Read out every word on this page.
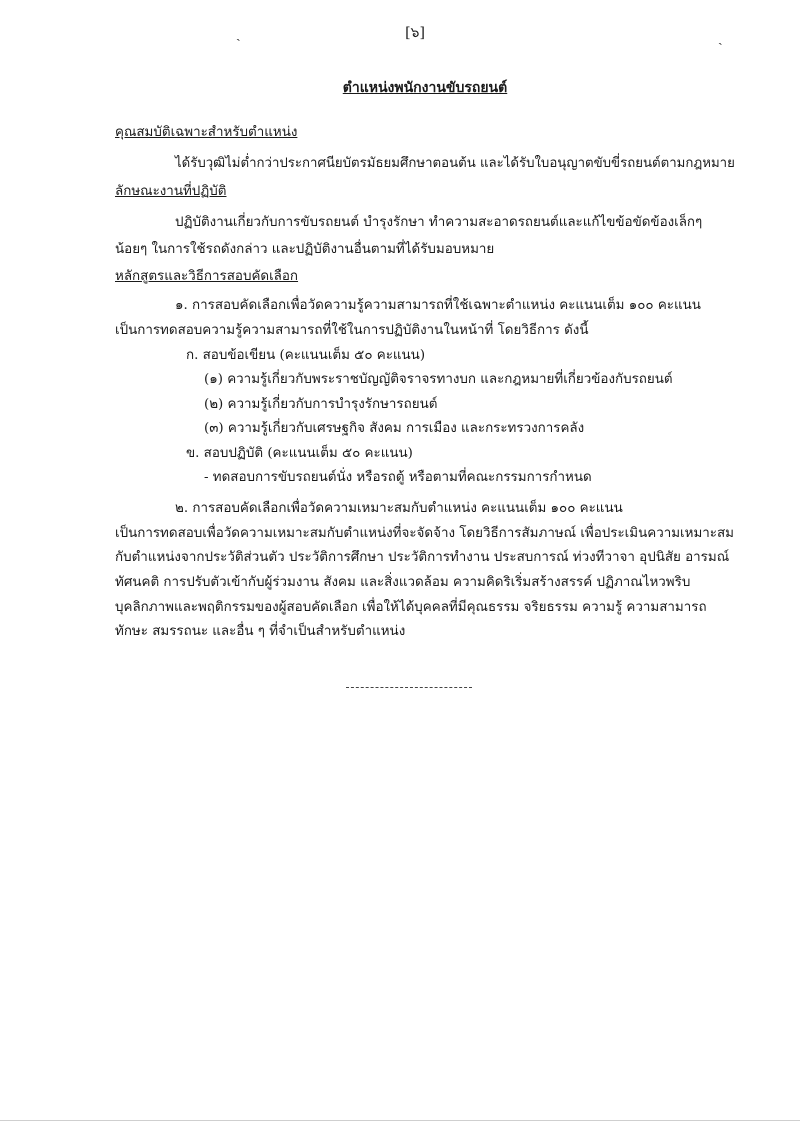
ˎ	[๖]	ˎ
ตำแหน่งพนักงานขับรถยนต์
คุณสมบัติเฉพาะสำหรับตำแหน่ง
ได้รับวุฒิไม่ต่ำกว่าประกาศนียบัตรมัธยมศึกษาตอนต้น และได้รับใบอนุญาตขับขี่รถยนต์ตามกฎหมาย
ลักษณะงานที่ปฏิบัติ
ปฏิบัติงานเกี่ยวกับการขับรถยนต์ บำรุงรักษา ทำความสะอาดรถยนต์และแก้ไขข้อขัดข้องเล็กๆ
น้อยๆ ในการใช้รถดังกล่าว และปฏิบัติงานอื่นตามที่ได้รับมอบหมาย
หลักสูตรและวิธีการสอบคัดเลือก
๑. การสอบคัดเลือกเพื่อวัดความรู้ความสามารถที่ใช้เฉพาะตำแหน่ง คะแนนเต็ม ๑๐๐ คะแนน
เป็นการทดสอบความรู้ความสามารถที่ใช้ในการปฏิบัติงานในหน้าที่ โดยวิธีการ ดังนี้
ก. สอบข้อเขียน (คะแนนเต็ม ๕๐ คะแนน)
(๑) ความรู้เกี่ยวกับพระราชบัญญัติจราจรทางบก และกฎหมายที่เกี่ยวข้องกับรถยนต์
(๒) ความรู้เกี่ยวกับการบำรุงรักษารถยนต์
(๓) ความรู้เกี่ยวกับเศรษฐกิจ สังคม การเมือง และกระทรวงการคลัง
ข. สอบปฏิบัติ (คะแนนเต็ม ๕๐ คะแนน)
- ทดสอบการขับรถยนต์นั่ง หรือรถตู้ หรือตามที่คณะกรรมการกำหนด
๒. การสอบคัดเลือกเพื่อวัดความเหมาะสมกับตำแหน่ง คะแนนเต็ม ๑๐๐ คะแนน
เป็นการทดสอบเพื่อวัดความเหมาะสมกับตำแหน่งที่จะจัดจ้าง โดยวิธีการสัมภาษณ์ เพื่อประเมินความเหมาะสม
กับตำแหน่งจากประวัติส่วนตัว ประวัติการศึกษา ประวัติการทำงาน ประสบการณ์ ท่วงทีวาจา อุปนิสัย อารมณ์
ทัศนคติ การปรับตัวเข้ากับผู้ร่วมงาน สังคม และสิ่งแวดล้อม ความคิดริเริ่มสร้างสรรค์ ปฏิภาณไหวพริบ
บุคลิกภาพและพฤติกรรมของผู้สอบคัดเลือก เพื่อให้ได้บุคคลที่มีคุณธรรม จริยธรรม ความรู้ ความสามารถ
ทักษะ สมรรถนะ และอื่น ๆ ที่จำเป็นสำหรับตำแหน่ง
